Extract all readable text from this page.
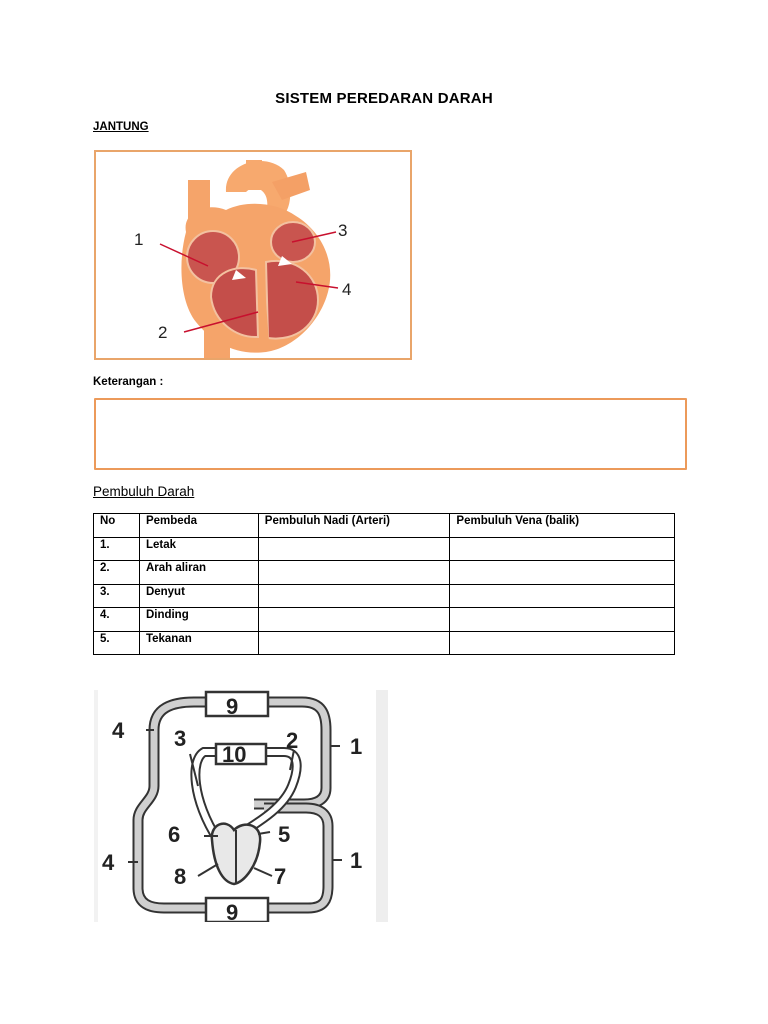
SISTEM PEREDARAN DARAH
JANTUNG
1
2
3
4
Keterangan :
Pembuluh Darah
No	Pembeda	Pembuluh Nadi (Arteri)	Pembuluh Vena (balik)
1.	Letak		
2.	Arah aliran		
3.	Denyut		
4.	Dinding		
5.	Tekanan		
9
9
10
4
4
1
1
3	2
6	5
8	7
